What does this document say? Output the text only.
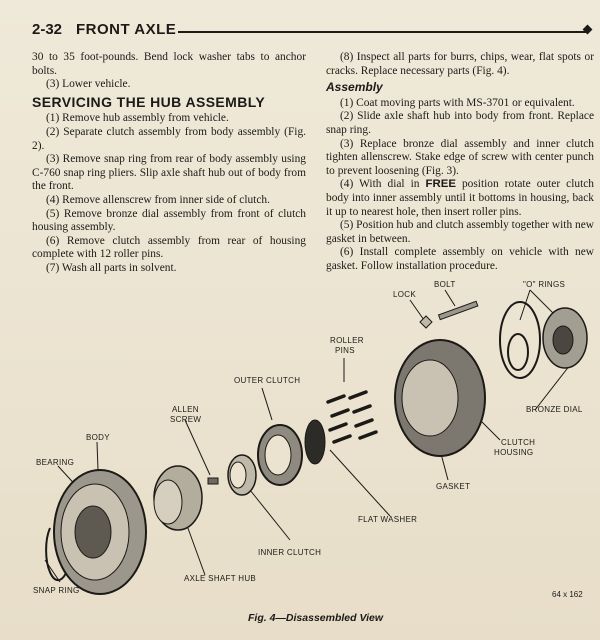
2-32 FRONT AXLE

30 to 35 foot-pounds. Bend lock washer tabs to anchor bolts.

(3) Lower vehicle.

SERVICING THE HUB ASSEMBLY

(1) Remove hub assembly from vehicle.

(2) Separate clutch assembly from body assembly (Fig. 2).

(3) Remove snap ring from rear of body assembly using C-760 snap ring pliers. Slip axle shaft hub out of body from the front.

(4) Remove allenscrew from inner side of clutch.

(5) Remove bronze dial assembly from front of clutch housing assembly.

(6) Remove clutch assembly from rear of housing complete with 12 roller pins.

(7) Wash all parts in solvent.

(8) Inspect all parts for burrs, chips, wear, flat spots or cracks. Replace necessary parts (Fig. 4).

Assembly

(1) Coat moving parts with MS-3701 or equivalent.

(2) Slide axle shaft hub into body from front. Replace snap ring.

(3) Replace bronze dial assembly and inner clutch tighten allenscrew. Stake edge of screw with center punch to prevent loosening (Fig. 3).

(4) With dial in FREE position rotate outer clutch body into inner assembly until it bottoms in housing, back it up to nearest hole, then insert roller pins.

(5) Position hub and clutch assembly together with new gasket in between.

(6) Install complete assembly on vehicle with new gasket. Follow installation procedure.

LOCK
BOLT	"O" RINGS
ROLLER
PINS
OUTER CLUTCH
ALLEN
SCREW
BODY
BEARING
BRONZE DIAL
CLUTCH
HOUSING
GASKET
FLAT WASHER
INNER CLUTCH
AXLE SHAFT HUB
SNAP RING	64 x 162
Fig. 4—Disassembled View
